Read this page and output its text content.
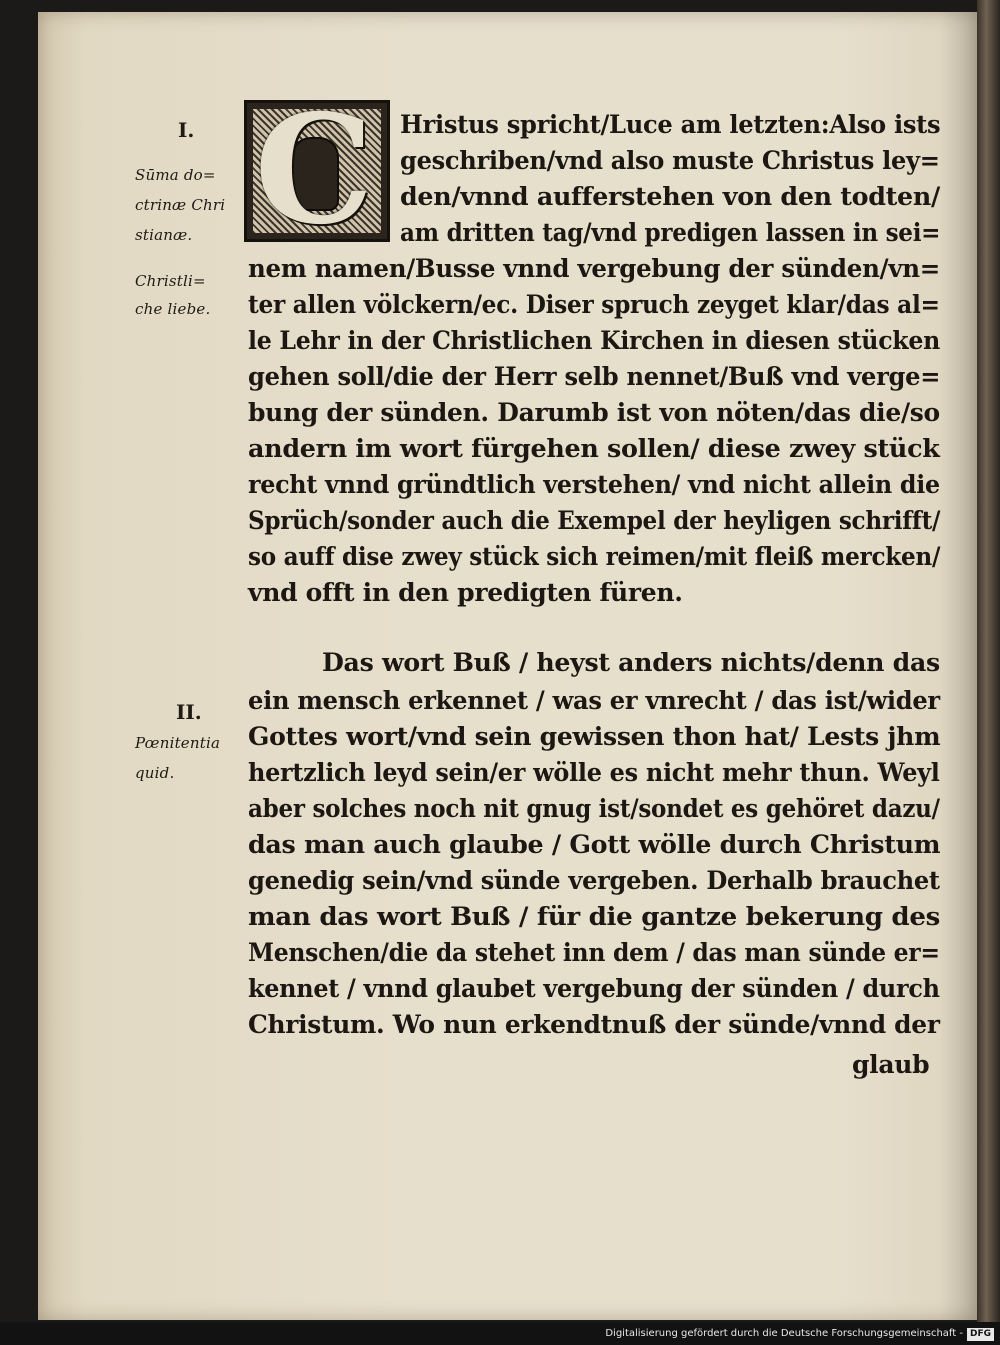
I.
Sūma do=
ctrinæ Chri
stianæ.
Christli=
che liebe.
II.
Pœnitentia
quid.
C Hristus spricht/Luce am letzten:Also ists
geschriben/vnd also muste Christus ley=
den/vnnd aufferstehen von den todten/
am dritten tag/vnd predigen lassen in sei=
nem namen/Busse vnnd vergebung der sünden/vn=
ter allen völckern/ec. Diser spruch zeyget klar/das al=
le Lehr in der Christlichen Kirchen in diesen stücken
gehen soll/die der Herr selb nennet/Buß vnd verge=
bung der sünden. Darumb ist von nöten/das die/so
andern im wort fürgehen sollen/ diese zwey stück
recht vnnd gründtlich verstehen/ vnd nicht allein die
Sprüch/sonder auch die Exempel der heyligen schrifft/
so auff dise zwey stück sich reimen/mit fleiß mercken/
vnd offt in den predigten füren.
Das wort Buß / heyst anders nichts/denn das
ein mensch erkennet / was er vnrecht / das ist/wider
Gottes wort/vnd sein gewissen thon hat/ Lests jhm
hertzlich leyd sein/er wölle es nicht mehr thun. Weyl
aber solches noch nit gnug ist/sondet es gehöret dazu/
das man auch glaube / Gott wölle durch Christum
genedig sein/vnd sünde vergeben. Derhalb brauchet
man das wort Buß / für die gantze bekerung des
Menschen/die da stehet inn dem / das man sünde er=
kennet / vnnd glaubet vergebung der sünden / durch
Christum. Wo nun erkendtnuß der sünde/vnnd der
glaub
Digitalisierung gefördert durch die Deutsche Forschungsgemeinschaft - DFG
